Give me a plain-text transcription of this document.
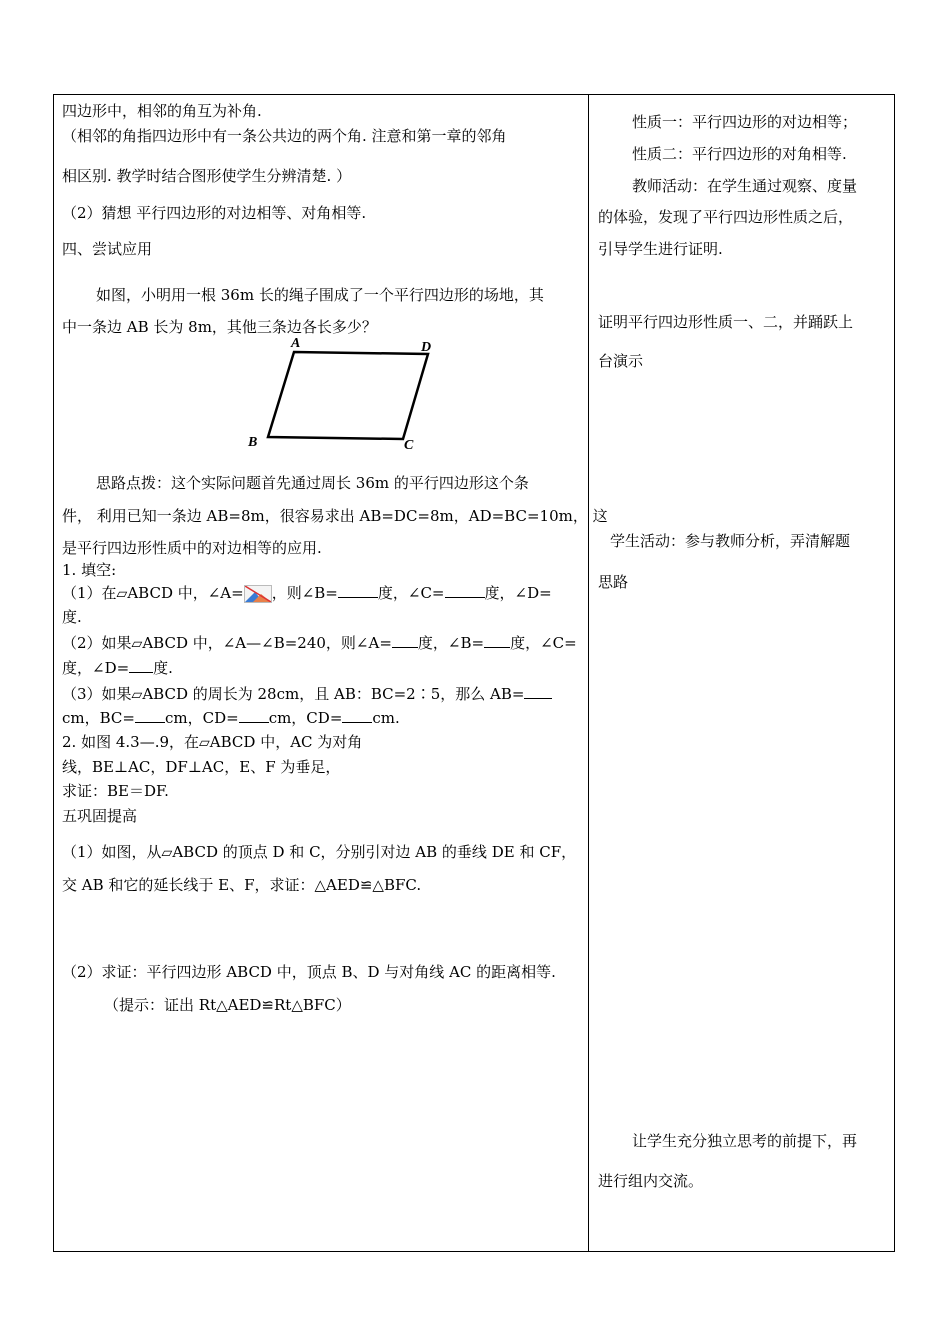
四边形中，相邻的角互为补角.
（相邻的角指四边形中有一条公共边的两个角. 注意和第一章的邻角
相区别. 教学时结合图形使学生分辨清楚. ）
（2）猜想 平行四边形的对边相等、对角相等.
四、尝试应用
如图，小明用一根 36m 长的绳子围成了一个平行四边形的场地，其
中一条边 AB 长为 8m，其他三条边各长多少？
A	D
B	C
思路点拨：这个实际问题首先通过周长 36m 的平行四边形这个条
件， 利用已知一条边 AB=8m，很容易求出 AB=DC=8m，AD=BC=10m， 这
是平行四边形性质中的对边相等的应用.
1. 填空:
（1）在▱ABCD 中，∠A= ，则∠B=	度，∠C=	度，∠D=
度.
（2）如果▱ABCD 中，∠A—∠B=240，则∠A= 度，∠B= 度，∠C=
度，∠D= 度.
（3）如果▱ABCD 的周长为 28cm，且 AB：BC=2∶5，那么 AB=
cm，BC= cm，CD= cm，CD= cm.
2. 如图 4.3—.9，在▱ABCD 中，AC 为对角
线，BE⊥AC，DF⊥AC，E、F 为垂足，
求证：BE＝DF.
五巩固提高
（1）如图，从▱ABCD 的顶点 D 和 C，分别引对边 AB 的垂线 DE 和 CF，
交 AB 和它的延长线于 E、F，求证：△AED≌△BFC.
（2）求证：平行四边形 ABCD 中，顶点 B、D 与对角线 AC 的距离相等.
（提示：证出 Rt△AED≌Rt△BFC）
性质一：平行四边形的对边相等；
性质二：平行四边形的对角相等.
教师活动：在学生通过观察、度量
的体验，发现了平行四边形性质之后，
引导学生进行证明.
证明平行四边形性质一、二，并踊跃上
台演示
学生活动：参与教师分析，弄清解题
思路
让学生充分独立思考的前提下，再
进行组内交流。
